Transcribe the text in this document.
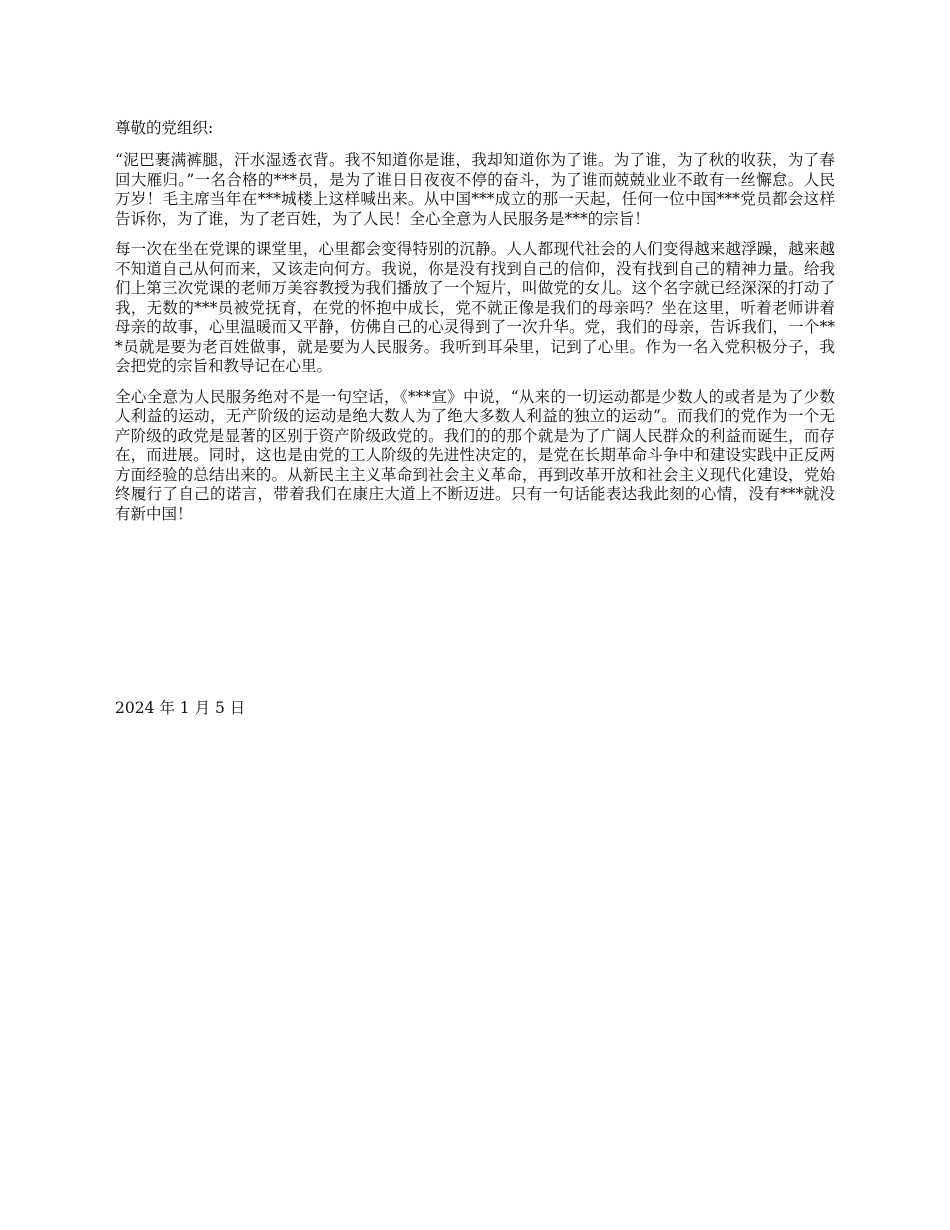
尊敬的党组织:

“泥巴裹满裤腿，汗水湿透衣背。我不知道你是谁，我却知道你为了谁。为了谁，为了秋的收获，为了春回大雁归。”一名合格的***员，是为了谁日日夜夜不停的奋斗，为了谁而兢兢业业不敢有一丝懈怠。人民万岁！毛主席当年在***城楼上这样喊出来。从中国***成立的那一天起，任何一位中国***党员都会这样告诉你，为了谁，为了老百姓，为了人民！全心全意为人民服务是***的宗旨！

每一次在坐在党课的课堂里，心里都会变得特别的沉静。人人都现代社会的人们变得越来越浮躁，越来越不知道自己从何而来，又该走向何方。我说，你是没有找到自己的信仰，没有找到自己的精神力量。给我们上第三次党课的老师万美容教授为我们播放了一个短片，叫做党的女儿。这个名字就已经深深的打动了我，无数的***员被党抚育，在党的怀抱中成长，党不就正像是我们的母亲吗？坐在这里，听着老师讲着母亲的故事，心里温暖而又平静，仿佛自己的心灵得到了一次升华。党，我们的母亲，告诉我们，一个***员就是要为老百姓做事，就是要为人民服务。我听到耳朵里，记到了心里。作为一名入党积极分子，我会把党的宗旨和教导记在心里。

全心全意为人民服务绝对不是一句空话，《***宣》中说，“从来的一切运动都是少数人的或者是为了少数人利益的运动，无产阶级的运动是绝大数人为了绝大多数人利益的独立的运动”。而我们的党作为一个无产阶级的政党是显著的区别于资产阶级政党的。我们的的那个就是为了广阔人民群众的利益而诞生，而存在，而进展。同时，这也是由党的工人阶级的先进性决定的，是党在长期革命斗争中和建设实践中正反两方面经验的总结出来的。从新民主主义革命到社会主义革命，再到改革开放和社会主义现代化建设，党始终履行了自己的诺言，带着我们在康庄大道上不断迈进。只有一句话能表达我此刻的心情，没有***就没有新中国！

2024 年 1 月 5 日
